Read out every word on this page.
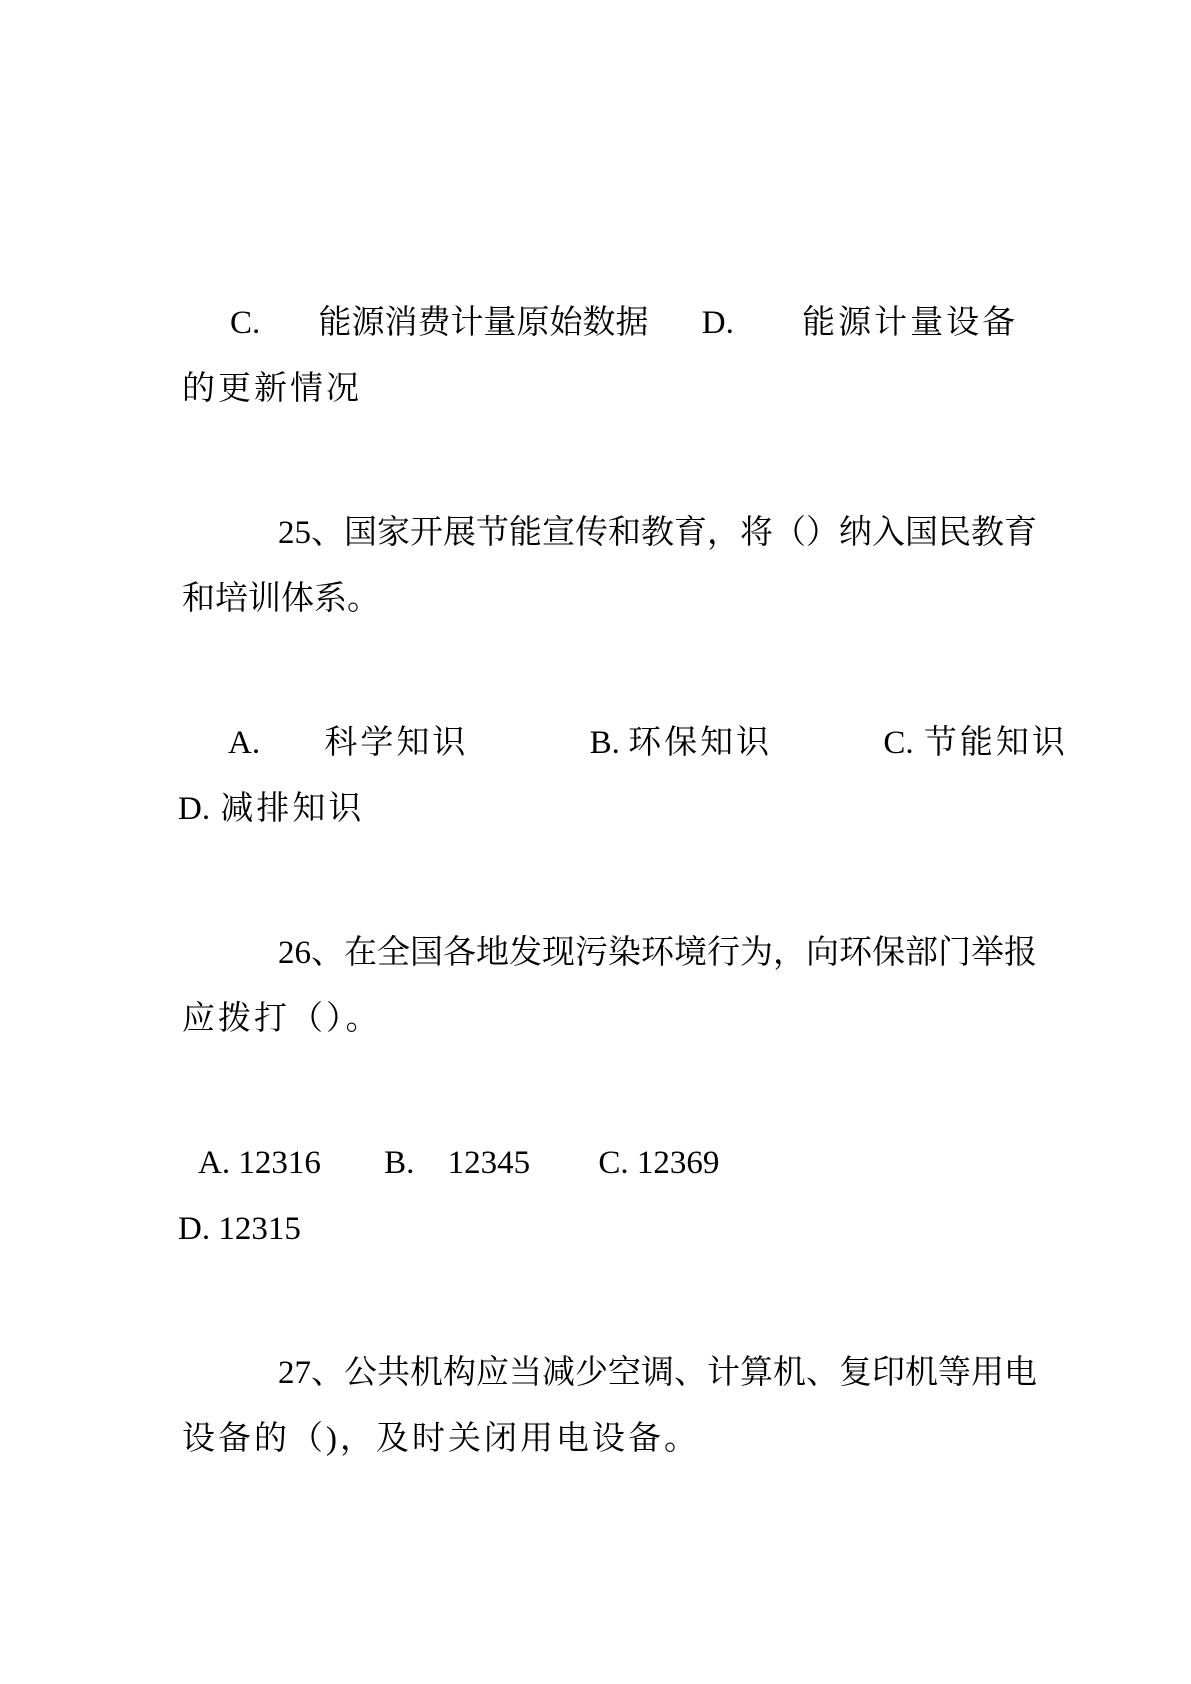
C. 能源消费计量原始数据 D. 能源计量设备
的更新情况
25、国家开展节能宣传和教育，将（）纳入国民教育
和培训体系。
A. 科学知识	B. 环保知识	C. 节能知识
D. 减排知识
26、在全国各地发现污染环境行为，向环保部门举报
应拨打（）。
A. 12316 B. 12345 C. 12369
D. 12315
27、公共机构应当减少空调、计算机、复印机等用电
设备的（)，及时关闭用电设备。
